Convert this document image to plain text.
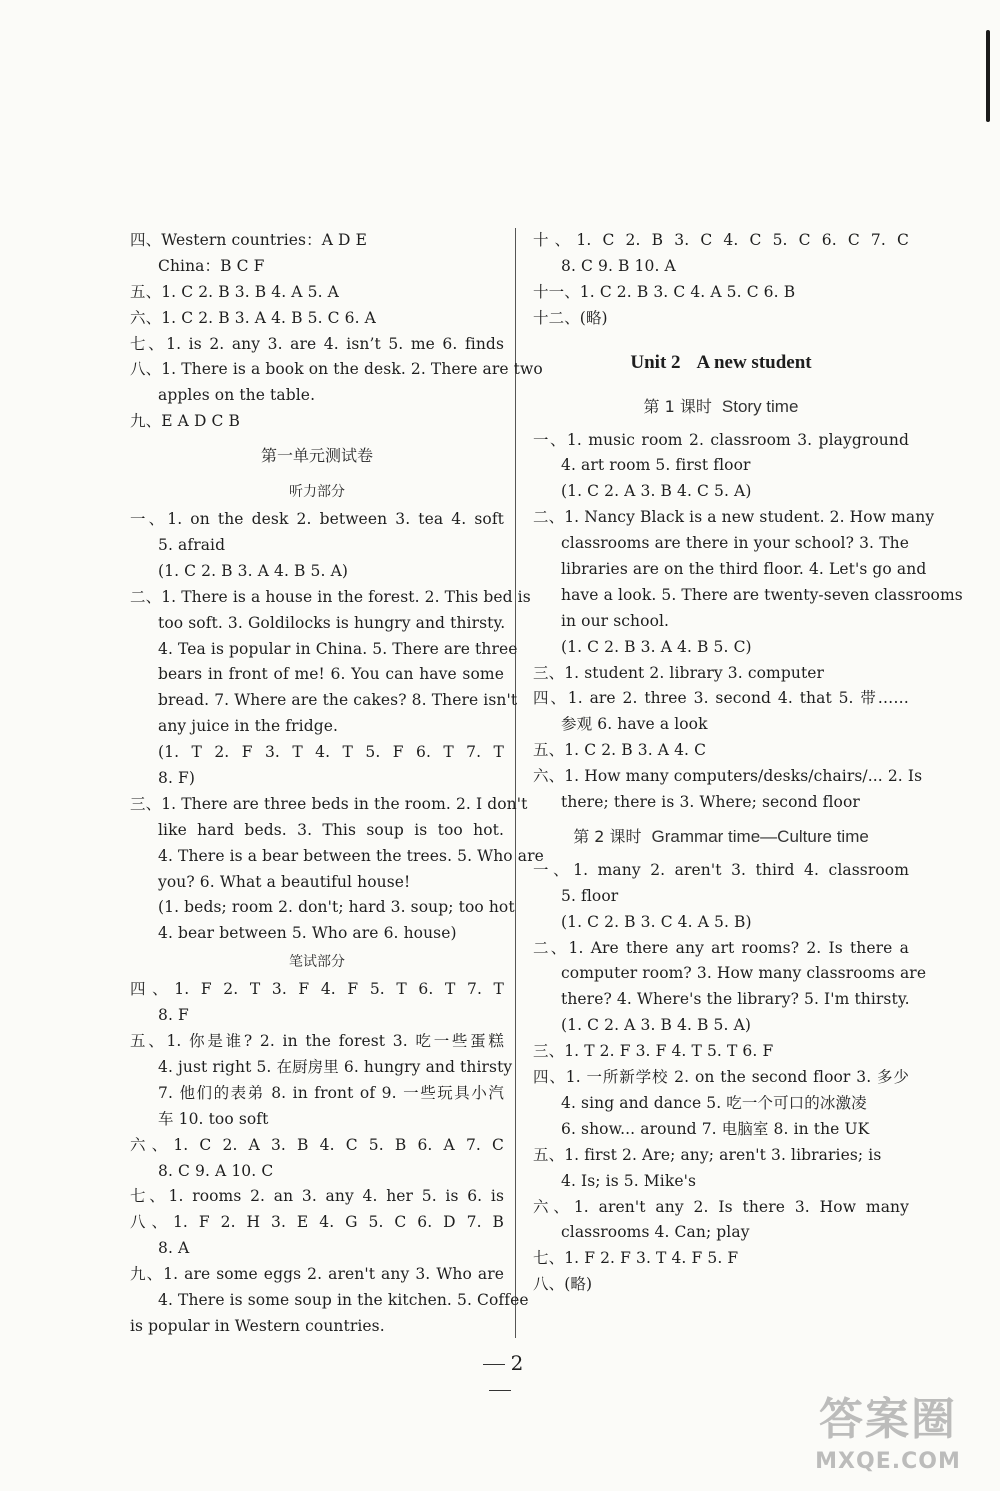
四、Western countries：A D E
China：B C F
五、1. C 2. B 3. B 4. A 5. A
六、1. C 2. B 3. A 4. B 5. C 6. A
七、1. is 2. any 3. are 4. isn’t 5. me 6. finds
八、1. There is a book on the desk. 2. There are two
apples on the table.
九、E A D C B
第一单元测试卷
听力部分
一、1. on the desk 2. between 3. tea 4. soft
5. afraid
(1. C 2. B 3. A 4. B 5. A)
二、1. There is a house in the forest. 2. This bed is
too soft. 3. Goldilocks is hungry and thirsty.
4. Tea is popular in China. 5. There are three
bears in front of me! 6. You can have some
bread. 7. Where are the cakes? 8. There isn't
any juice in the fridge.
(1. T 2. F 3. T 4. T 5. F 6. T 7. T
8. F)
三、1. There are three beds in the room. 2. I don't
like hard beds. 3. This soup is too hot.
4. There is a bear between the trees. 5. Who are
you? 6. What a beautiful house!
(1. beds; room 2. don't; hard 3. soup; too hot
4. bear between 5. Who are 6. house)
笔试部分
四、1. F 2. T 3. F 4. F 5. T 6. T 7. T
8. F
五、1. 你是谁? 2. in the forest 3. 吃一些蛋糕
4. just right 5. 在厨房里 6. hungry and thirsty
7. 他们的表弟 8. in front of 9. 一些玩具小汽
车 10. too soft
六、1. C 2. A 3. B 4. C 5. B 6. A 7. C
8. C 9. A 10. C
七、1. rooms 2. an 3. any 4. her 5. is 6. is
八、1. F 2. H 3. E 4. G 5. C 6. D 7. B
8. A
九、1. are some eggs 2. aren't any 3. Who are
4. There is some soup in the kitchen. 5. Coffee
is popular in Western countries.
十、1. C 2. B 3. C 4. C 5. C 6. C 7. C
8. C 9. B 10. A
十一、1. C 2. B 3. C 4. A 5. C 6. B
十二、(略)
Unit 2 A new student
第 1 课时 Story time
一、1. music room 2. classroom 3. playground
4. art room 5. first floor
(1. C 2. A 3. B 4. C 5. A)
二、1. Nancy Black is a new student. 2. How many
classrooms are there in your school? 3. The
libraries are on the third floor. 4. Let's go and
have a look. 5. There are twenty-seven classrooms
in our school.
(1. C 2. B 3. A 4. B 5. C)
三、1. student 2. library 3. computer
四、1. are 2. three 3. second 4. that 5. 带……
参观 6. have a look
五、1. C 2. B 3. A 4. C
六、1. How many computers/desks/chairs/... 2. Is
there; there is 3. Where; second floor
第 2 课时 Grammar time—Culture time
一、1. many 2. aren't 3. third 4. classroom
5. floor
(1. C 2. B 3. C 4. A 5. B)
二、1. Are there any art rooms? 2. Is there a
computer room? 3. How many classrooms are
there? 4. Where's the library? 5. I'm thirsty.
(1. C 2. A 3. B 4. B 5. A)
三、1. T 2. F 3. F 4. T 5. T 6. F
四、1. 一所新学校 2. on the second floor 3. 多少
4. sing and dance 5. 吃一个可口的冰激凌
6. show... around 7. 电脑室 8. in the UK
五、1. first 2. Are; any; aren't 3. libraries; is
4. Is; is 5. Mike's
六、1. aren't any 2. Is there 3. How many
classrooms 4. Can; play
七、1. F 2. F 3. T 4. F 5. F
八、(略)
2
答案圈
MXQE.COM
